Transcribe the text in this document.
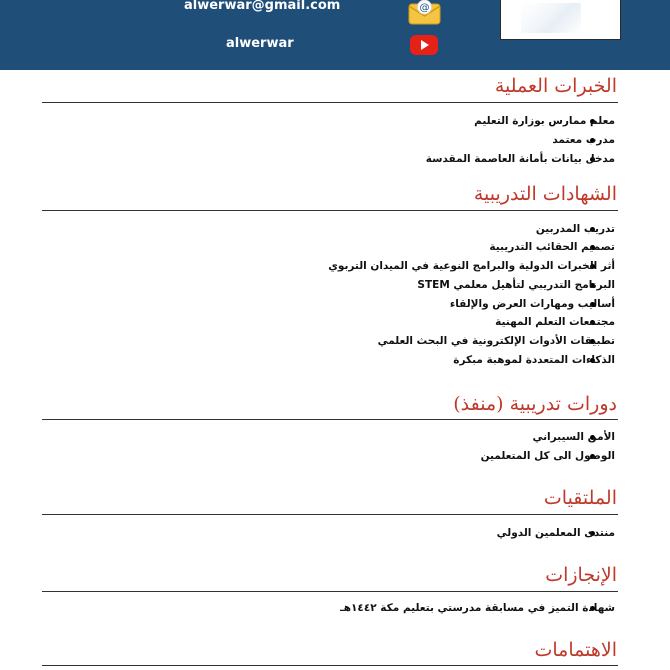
alwerwar@gmail.com
alwerwar
@
الخبرات العملية
معلم ممارس بوزارة التعليم
مدرب معتمد
مدخل بيانات بأمانة العاصمة المقدسة
الشهادات التدريبية
تدريب المدربين
تصميم الحقائب التدريبية
أثر الخبرات الدولية والبرامج النوعية في الميدان التربوي
البرنامج التدريبي لتأهيل معلمي STEM
أساليب ومهارات العرض والإلقاء
مجتمعات التعلم المهنية
تطبيقات الأدوات الإلكترونية في البحث العلمي
الذكاءات المتعددة لموهبة مبكرة
دورات تدريبية (منفذ)
الأمن السيبراني
الوصول الى كل المتعلمين
الملتقيات
منتدى المعلمين الدولي
الإنجازات
شهادة التميز في مسابقة مدرستي بتعليم مكة ١٤٤٢هـ
الاهتمامات
